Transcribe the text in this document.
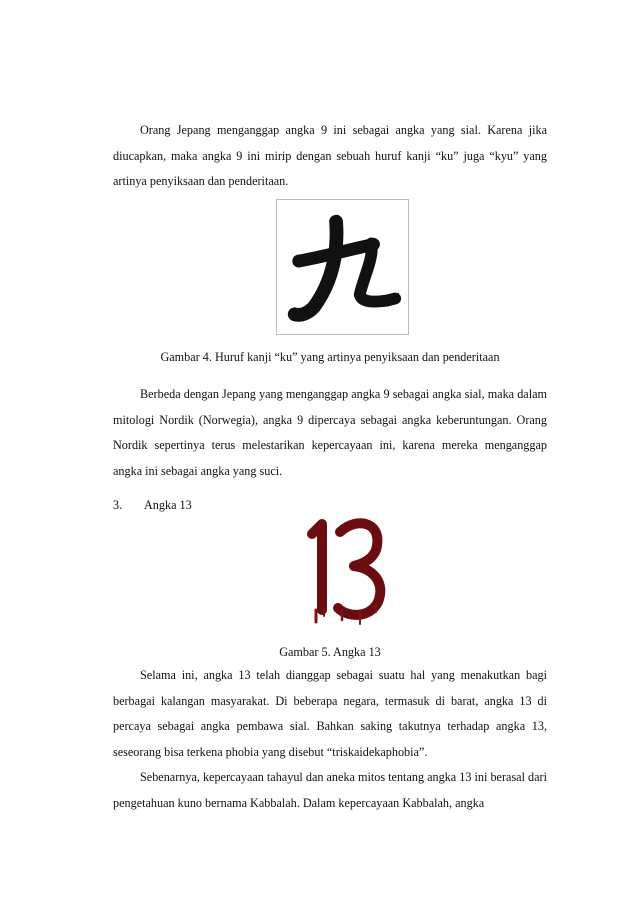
Orang Jepang menganggap angka 9 ini sebagai angka yang sial. Karena jika diucapkan, maka angka 9 ini mirip dengan sebuah huruf kanji “ku” juga “kyu” yang artinya penyiksaan dan penderitaan.

Gambar 4. Huruf kanji “ku” yang artinya penyiksaan dan penderitaan

Berbeda dengan Jepang yang menganggap angka 9 sebagai angka sial, maka dalam mitologi Nordik (Norwegia), angka 9 dipercaya sebagai angka keberuntungan. Orang Nordik sepertinya terus melestarikan kepercayaan ini, karena mereka menganggap angka ini sebagai angka yang suci.

3. Angka 13

Gambar 5. Angka 13

Selama ini, angka 13 telah dianggap sebagai suatu hal yang menakutkan bagi berbagai kalangan masyarakat. Di beberapa negara, termasuk di barat, angka 13 di percaya sebagai angka pembawa sial. Bahkan saking takutnya terhadap angka 13, seseorang bisa terkena phobia yang disebut “triskaidekaphobia”.

Sebenarnya, kepercayaan tahayul dan aneka mitos tentang angka 13 ini berasal dari pengetahuan kuno bernama Kabbalah. Dalam kepercayaan Kabbalah, angka
